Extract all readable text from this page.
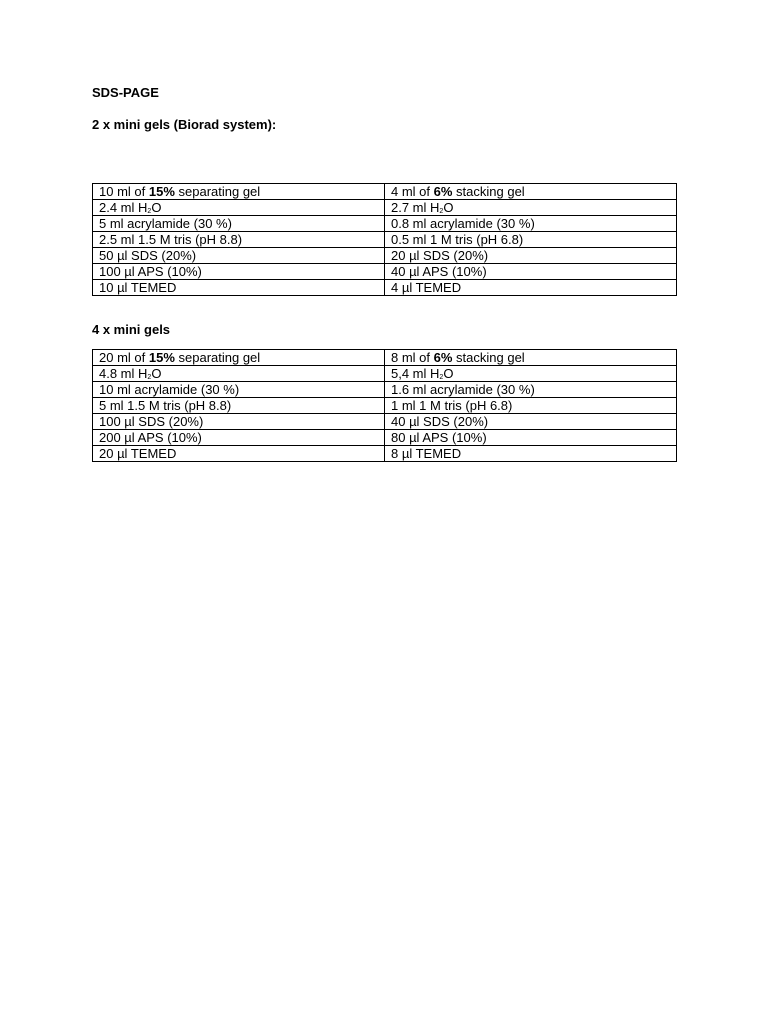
SDS-PAGE
2 x mini gels (Biorad system):
10 ml of 15% separating gel	4 ml of 6% stacking gel
2.4 ml $H_2O$	2.7 ml $H_2O$
5 ml acrylamide (30 %)	0.8 ml acrylamide (30 %)
2.5 ml 1.5 M tris (pH 8.8)	0.5 ml 1 M tris (pH 6.8)
50 µl SDS (20%)	20 µl SDS (20%)
100 µl APS (10%)	40 µl APS (10%)
10 µl TEMED	4 µl TEMED
4 x mini gels
20 ml of 15% separating gel	8 ml of 6% stacking gel
4.8 ml $H_2O$	5,4 ml $H_2O$
10 ml acrylamide (30 %)	1.6 ml acrylamide (30 %)
5 ml 1.5 M tris (pH 8.8)	1 ml 1 M tris (pH 6.8)
100 µl SDS (20%)	40 µl SDS (20%)
200 µl APS (10%)	80 µl APS (10%)
20 µl TEMED	8 µl TEMED
